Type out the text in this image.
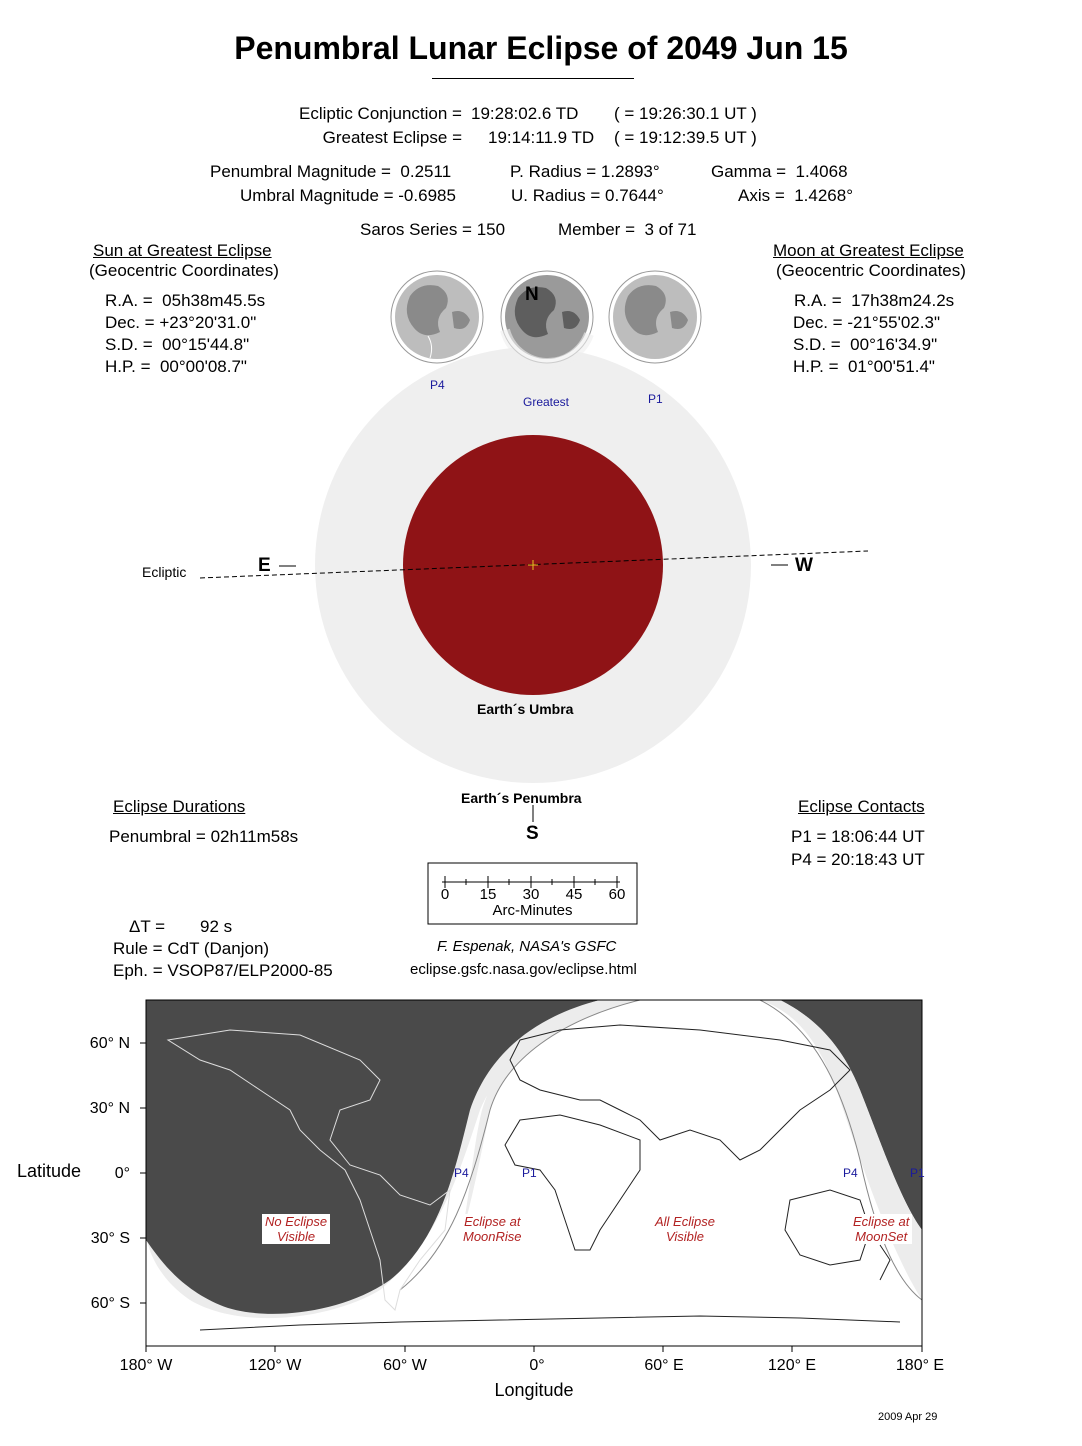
Penumbral Lunar Eclipse of 2049 Jun 15
Ecliptic Conjunction = 19:28:02.6 TD ( = 19:26:30.1 UT )
Greatest Eclipse = 19:14:11.9 TD ( = 19:12:39.5 UT )
Penumbral Magnitude =  0.2511
Umbral Magnitude = -0.6985
P. Radius = 1.2893°
U. Radius = 0.7644°
Gamma =  1.4068
Axis =  1.4268°
Saros Series = 150	Member =  3 of 71
Sun at Greatest Eclipse
(Geocentric Coordinates)
R.A. =  05h38m45.5s
Dec. = +23°20'31.0"
S.D. =  00°15'44.8"
H.P. =  00°00'08.7"
Moon at Greatest Eclipse
(Geocentric Coordinates)
R.A. =  17h38m24.2s
Dec. = -21°55'02.3"
S.D. =  00°16'34.9"
H.P. =  01°00'51.4"
P4
Greatest	P1
N
S
E	W
Ecliptic
Earth´s Umbra
Earth´s Penumbra
Eclipse Durations
Penumbral = 02h11m58s
Eclipse Contacts
P1 = 18:06:44 UT
P4 = 20:18:43 UT
0	15 30 45 60
Arc-Minutes
ΔT = 92 s
Rule = CdT (Danjon)
Eph. = VSOP87/ELP2000-85
F. Espenak, NASA's GSFC
eclipse.gsfc.nasa.gov/eclipse.html
60° N
30° N
0°
30° S
60° S
Latitude
180° W	120° W	60° W	0°	60° E	120° E	180° E
Longitude
P4	P1	P4	P1
No Eclipse
Visible
Eclipse at
MoonRise
All Eclipse
Visible
Eclipse at
MoonSet
2009 Apr 29
